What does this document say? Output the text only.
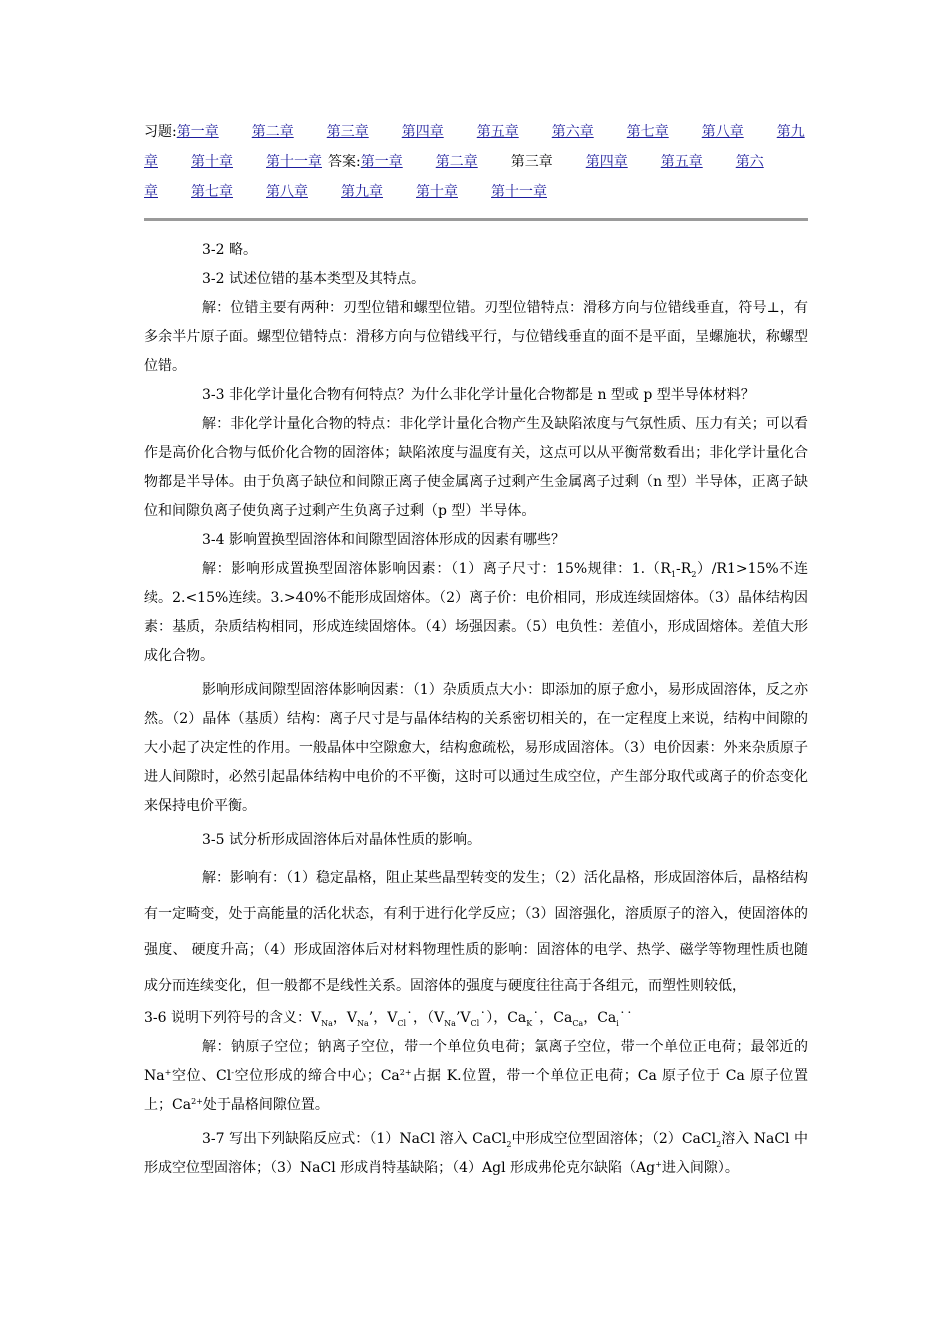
习题:第一章 第二章 第三章 第四章 第五章 第六章 第七章 第八章 第九章 第十章 第十一章 答案:第一章 第二章 第三章 第四章 第五章 第六章 第七章 第八章 第九章 第十章 第十一章

3-2 略。

3-2 试述位错的基本类型及其特点。

解：位错主要有两种：刃型位错和螺型位错。刃型位错特点：滑移方向与位错线垂直，符号⊥，有多余半片原子面。螺型位错特点：滑移方向与位错线平行，与位错线垂直的面不是平面，呈螺施状，称螺型位错。

3-3 非化学计量化合物有何特点？为什么非化学计量化合物都是 n 型或 p 型半导体材料？

解：非化学计量化合物的特点：非化学计量化合物产生及缺陷浓度与气氛性质、压力有关；可以看作是高价化合物与低价化合物的固溶体；缺陷浓度与温度有关，这点可以从平衡常数看出；非化学计量化合物都是半导体。由于负离子缺位和间隙正离子使金属离子过剩产生金属离子过剩（n 型）半导体，正离子缺位和间隙负离子使负离子过剩产生负离子过剩（p 型）半导体。

3-4 影响置换型固溶体和间隙型固溶体形成的因素有哪些？

解：影响形成置换型固溶体影响因素：（1）离子尺寸：15%规律：$1.(R_1-R_2)/R1>15\%$不连续。2.<15%连续。3.>40%不能形成固熔体。（2）离子价：电价相同，形成连续固熔体。（3）晶体结构因素：基质，杂质结构相同，形成连续固熔体。（4）场强因素。（5）电负性：差值小，形成固熔体。差值大形成化合物。

影响形成间隙型固溶体影响因素：（1）杂质质点大小：即添加的原子愈小，易形成固溶体，反之亦然。（2）晶体（基质）结构：离子尺寸是与晶体结构的关系密切相关的，在一定程度上来说，结构中间隙的大小起了决定性的作用。一般晶体中空隙愈大，结构愈疏松，易形成固溶体。（3）电价因素：外来杂质原子进人间隙时，必然引起晶体结构中电价的不平衡，这时可以通过生成空位，产生部分取代或离子的价态变化来保持电价平衡。

3-5 试分析形成固溶体后对晶体性质的影响。

解：影响有：（1）稳定晶格，阻止某些晶型转变的发生；（2）活化晶格，形成固溶体后，晶格结构有一定畸变，处于高能量的活化状态，有利于进行化学反应；（3）固溶强化，溶质原子的溶入，使固溶体的强度、 硬度升高；（4）形成固溶体后对材料物理性质的影响：固溶体的电学、热学、磁学等物理性质也随成分而连续变化，但一般都不是线性关系。固溶体的强度与硬度往往高于各组元，而塑性则较低，

3-6 说明下列符号的含义：$V_{Na}$，$V_{Na}$’，$V_{Cl}˙$，$(V_{Na}’V_{Cl}˙)$，$Ca_K˙$，$Ca_{Ca}$，$Ca_i˙˙$

解：钠原子空位；钠离子空位，带一个单位负电荷；氯离子空位，带一个单位正电荷；最邻近的 Na+空位、Cl-空位形成的缔合中心；$Ca^{2+}$占据 K.位置，带一个单位正电荷；Ca 原子位于 Ca 原子位置上；$Ca^{2+}$处于晶格间隙位置。

3-7 写出下列缺陷反应式：（1）NaCl 溶入 CaCl$_2$中形成空位型固溶体；（2）CaCl$_2$溶入 NaCl 中形成空位型固溶体；（3）NaCl 形成肖特基缺陷；（4）Agl 形成弗伦克尔缺陷（Ag+进入间隙）。
